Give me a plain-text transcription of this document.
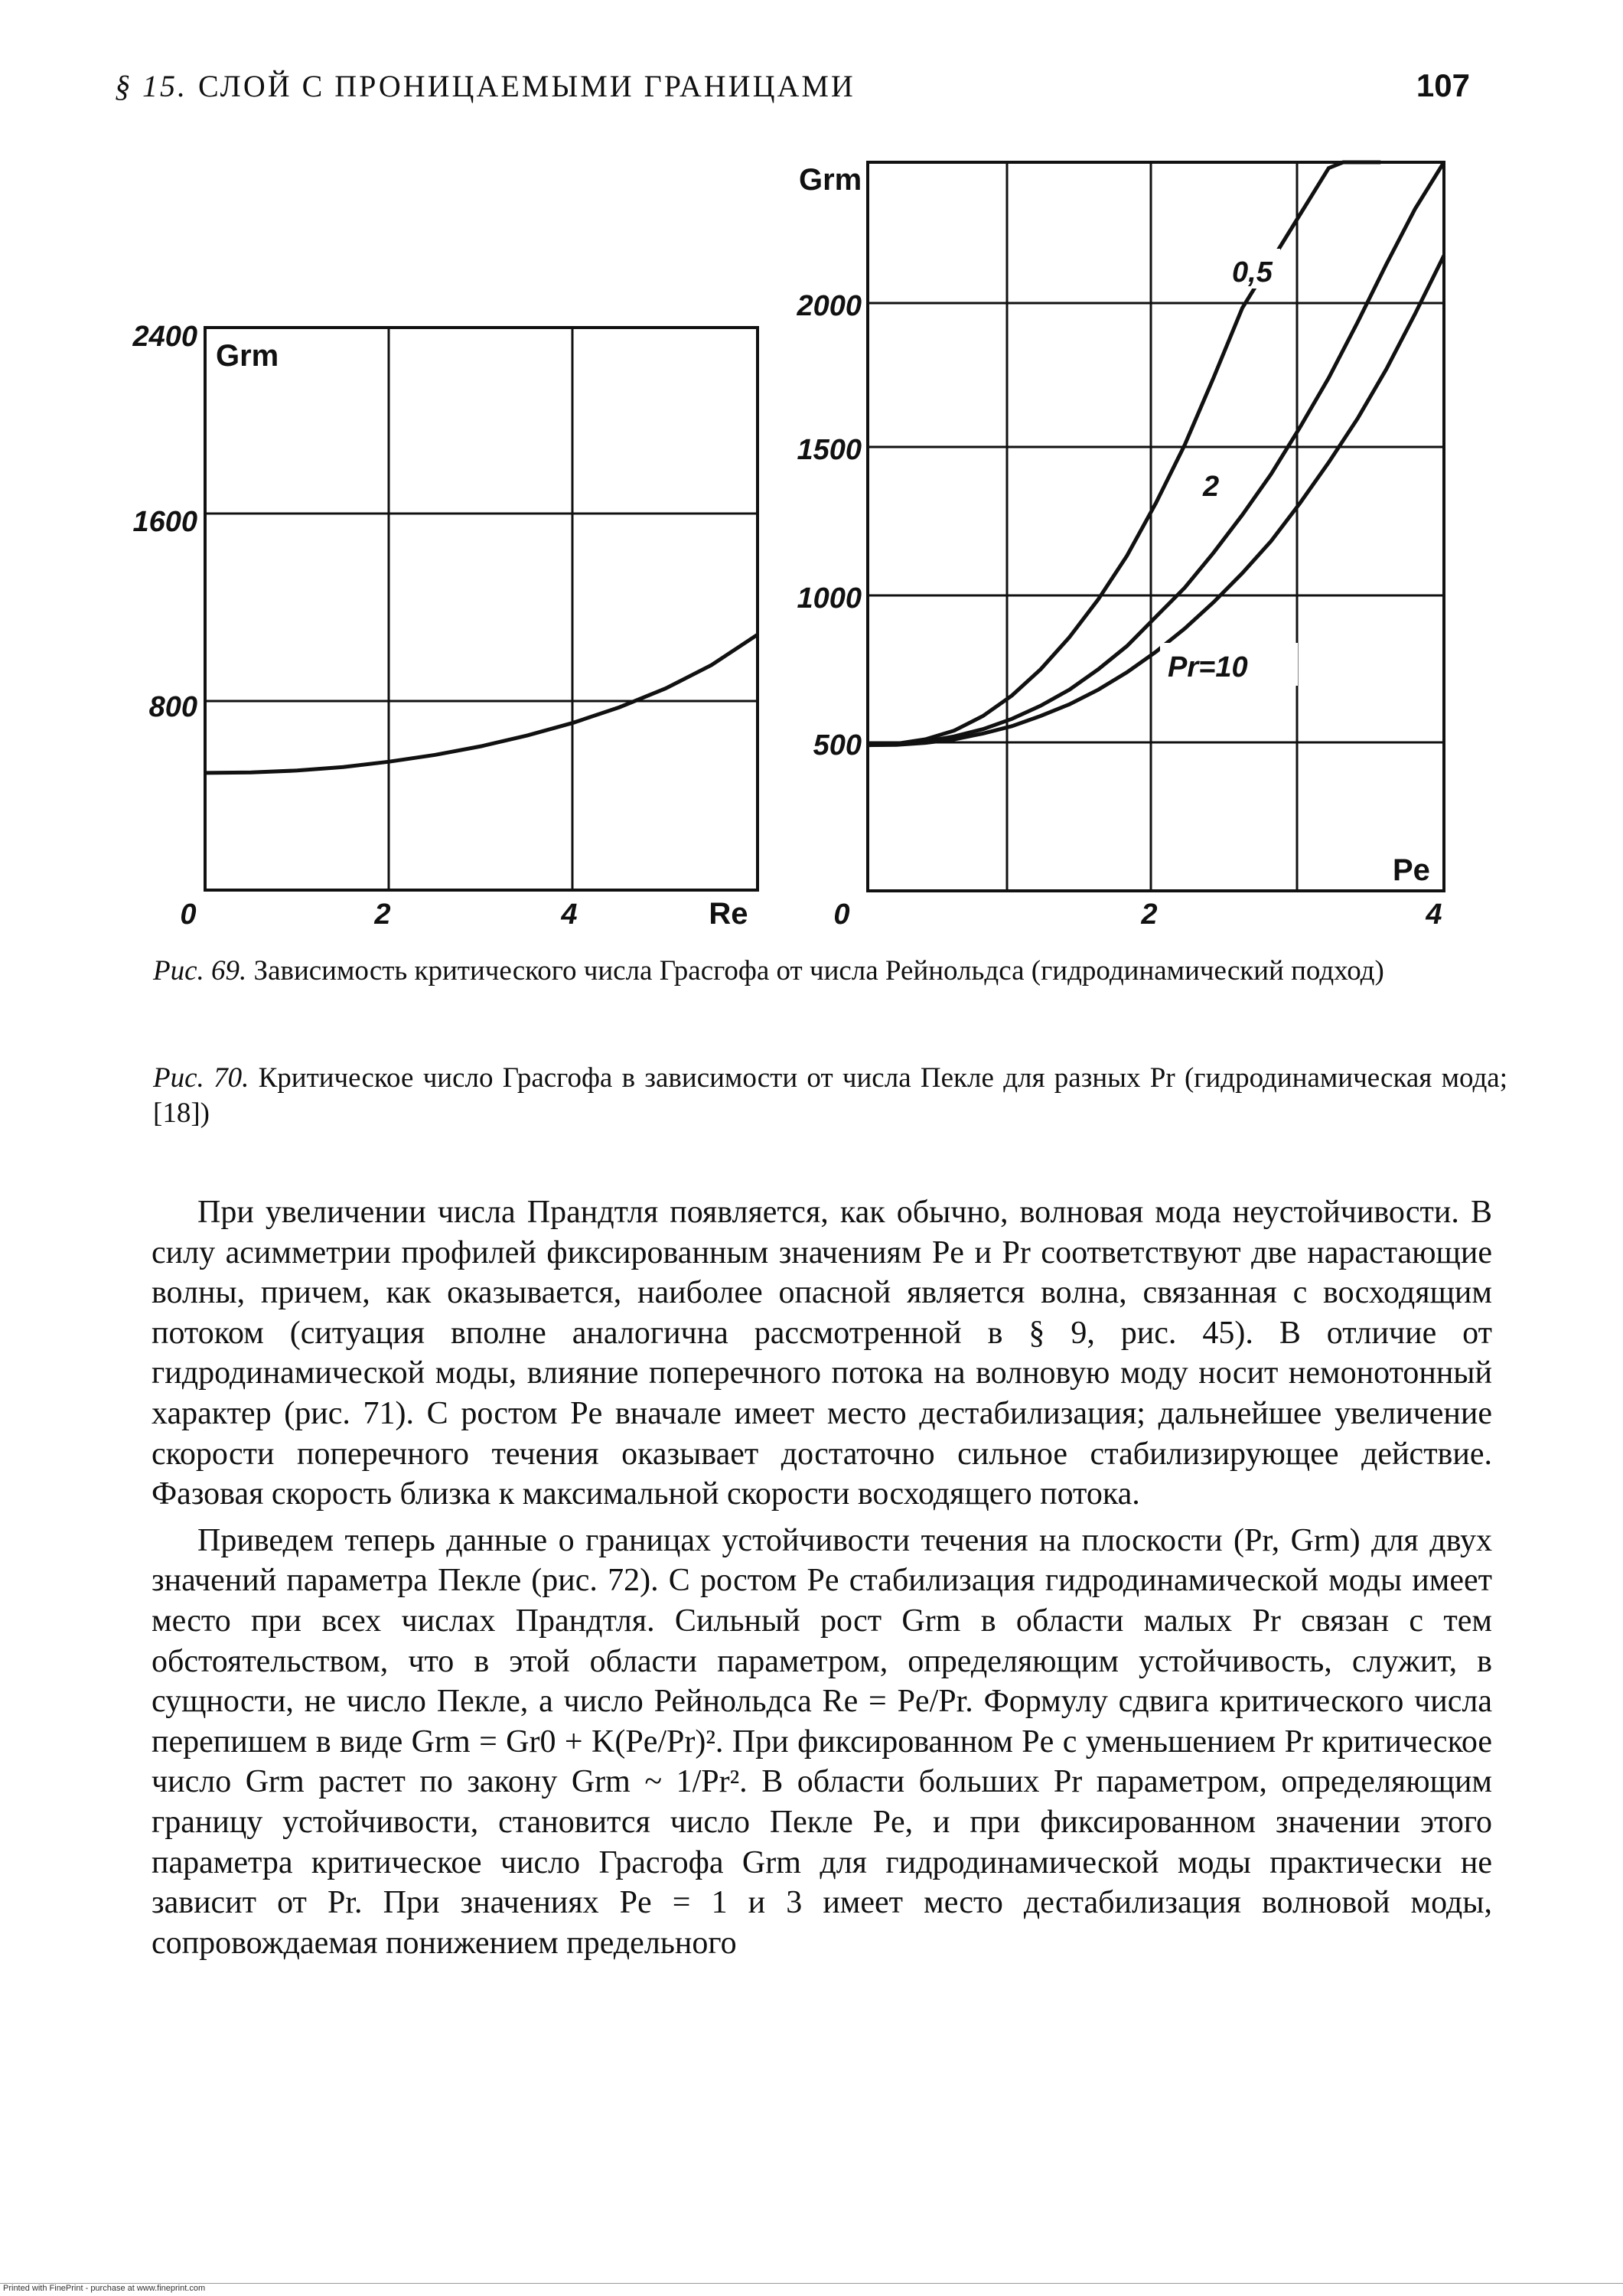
§ 15. СЛОЙ С ПРОНИЦАЕМЫМИ ГРАНИЦАМИ	107
2400
1600
800
0	2	4
Grm
Re
0,5
2
Pr=10
2000
1500
1000
500
0	2	4
Grm
Pe
Рис. 69. Зависимость критического числа Грасгофа от числа Рейнольдса (гидродинамический подход)
Рис. 70. Критическое число Грасгофа в зависимости от числа Пекле для разных Pr (гидродинамическая мода; [18])

При увеличении числа Прандтля появляется, как обычно, волновая мода неустойчивости. В силу асимметрии профилей фиксированным значениям Pe и Pr соответствуют две нарастающие волны, причем, как оказывается, наиболее опасной является волна, связанная с восходящим потоком (ситуация вполне аналогична рассмотренной в § 9, рис. 45). В отличие от гидродинамической моды, влияние поперечного потока на волновую моду носит немонотонный характер (рис. 71). С ростом Pe вначале имеет место дестабилизация; дальнейшее увеличение скорости поперечного течения оказывает достаточно сильное стабилизирующее действие. Фазовая скорость близка к максимальной скорости восходящего потока.

Приведем теперь данные о границах устойчивости течения на плоскости (Pr, Grm) для двух значений параметра Пекле (рис. 72). С ростом Pe стабилизация гидродинамической моды имеет место при всех числах Прандтля. Сильный рост Grm в области малых Pr связан с тем обстоятельством, что в этой области параметром, определяющим устойчивость, служит, в сущности, не число Пекле, а число Рейнольдса Re = Pe/Pr. Формулу сдвига критического числа перепишем в виде Grm = Gr0 + K(Pe/Pr)². При фиксированном Pe с уменьшением Pr критическое число Grm растет по закону Grm ~ 1/Pr². В области больших Pr параметром, определяющим границу устойчивости, становится число Пекле Pe, и при фиксированном значении этого параметра критическое число Грасгофа Grm для гидродинамической моды практически не зависит от Pr. При значениях Pe = 1 и 3 имеет место дестабилизация волновой моды, сопровождаемая понижением предельного

Printed with FinePrint - purchase at www.fineprint.com
